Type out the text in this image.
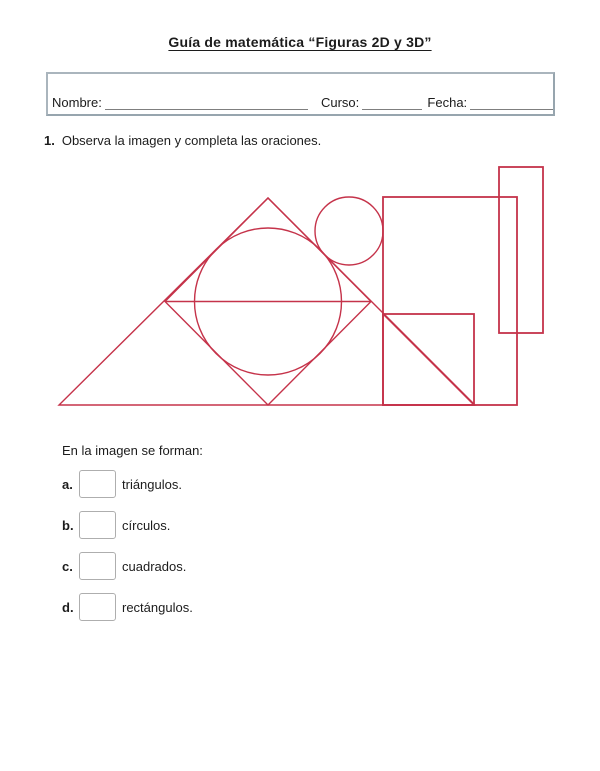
Guía de matemática “Figuras 2D y 3D”
Nombre:	Curso:	Fecha:

1. Observa la imagen y completa las oraciones.

En la imagen se forman:

a.	triángulos.
b.	círculos.
c.	cuadrados.
d.	rectángulos.
